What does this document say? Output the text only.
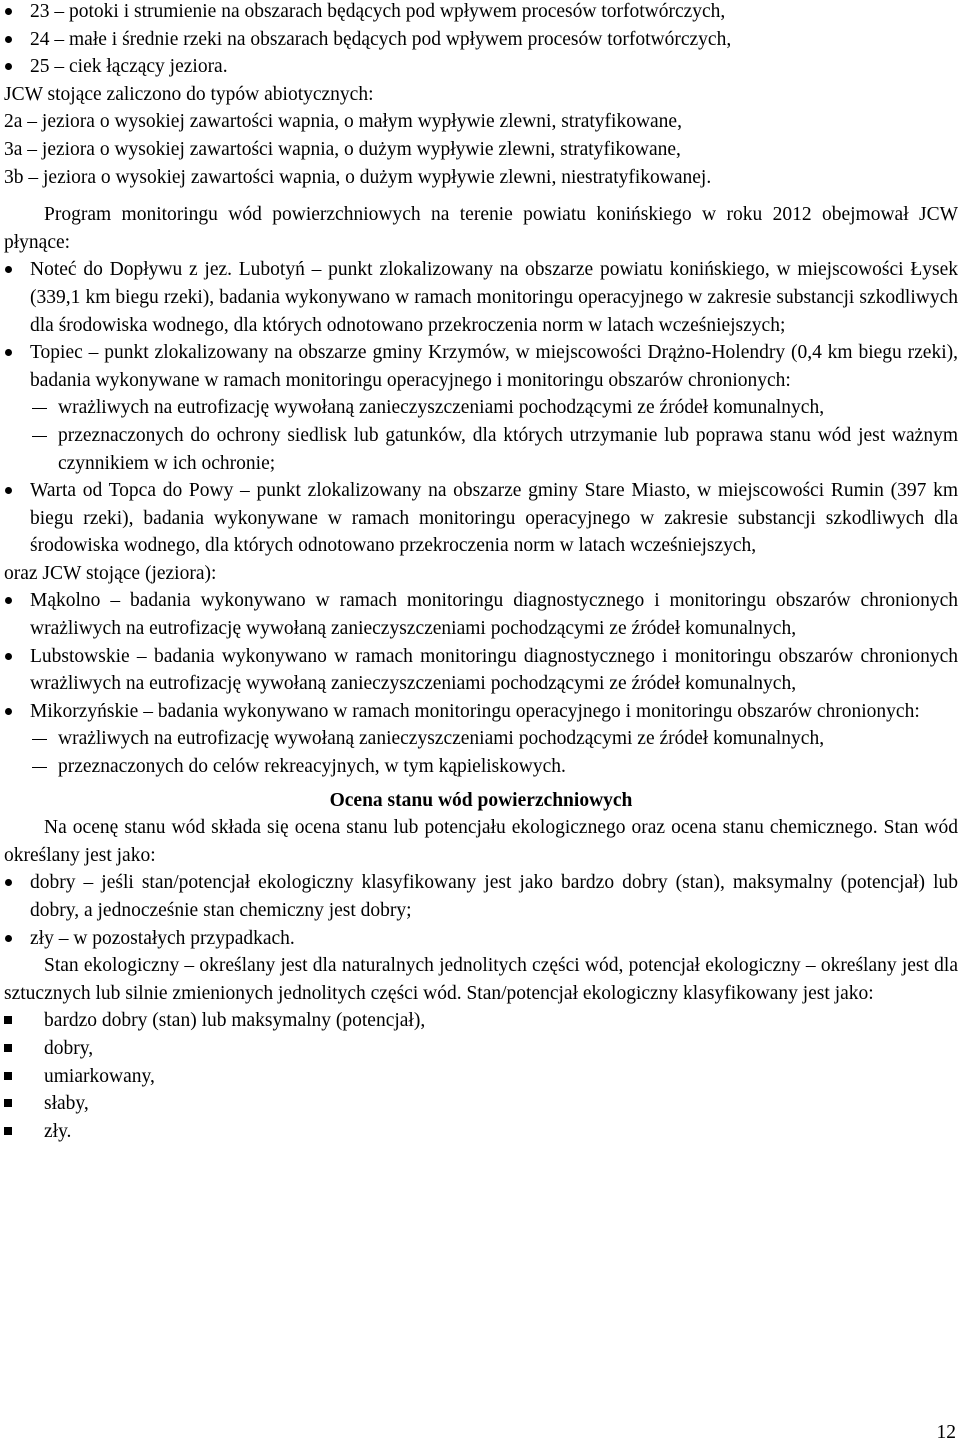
23 – potoki i strumienie na obszarach będących pod wpływem procesów torfotwórczych,
24 – małe i średnie rzeki na obszarach będących pod wpływem procesów torfotwórczych,
25 – ciek łączący jeziora.

JCW stojące zaliczono do typów abiotycznych:

2a – jeziora o wysokiej zawartości wapnia, o małym wypływie zlewni, stratyfikowane,

3a – jeziora o wysokiej zawartości wapnia, o dużym wypływie zlewni, stratyfikowane,

3b – jeziora o wysokiej zawartości wapnia, o dużym wypływie zlewni, niestratyfikowanej.

Program monitoringu wód powierzchniowych na terenie powiatu konińskiego w roku 2012 obejmował JCW płynące:

Noteć do Dopływu z jez. Lubotyń – punkt zlokalizowany na obszarze powiatu konińskiego, w miejscowości Łysek (339,1 km biegu rzeki), badania wykonywano w ramach monitoringu operacyjnego w zakresie substancji szkodliwych dla środowiska wodnego, dla których odnotowano przekroczenia norm w latach wcześniejszych;
Topiec – punkt zlokalizowany na obszarze gminy Krzymów, w miejscowości Drążno-Holendry (0,4 km biegu rzeki), badania wykonywane w ramach monitoringu operacyjnego i monitoringu obszarów chronionych:
wrażliwych na eutrofizację wywołaną zanieczyszczeniami pochodzącymi ze źródeł komunalnych,
przeznaczonych do ochrony siedlisk lub gatunków, dla których utrzymanie lub poprawa stanu wód jest ważnym czynnikiem w ich ochronie;
Warta od Topca do Powy – punkt zlokalizowany na obszarze gminy Stare Miasto, w miejscowości Rumin (397 km biegu rzeki), badania wykonywane w ramach monitoringu operacyjnego w zakresie substancji szkodliwych dla środowiska wodnego, dla których odnotowano przekroczenia norm w latach wcześniejszych,

oraz JCW stojące (jeziora):

Mąkolno – badania wykonywano w ramach monitoringu diagnostycznego i monitoringu obszarów chronionych wrażliwych na eutrofizację wywołaną zanieczyszczeniami pochodzącymi ze źródeł komunalnych,
Lubstowskie – badania wykonywano w ramach monitoringu diagnostycznego i monitoringu obszarów chronionych wrażliwych na eutrofizację wywołaną zanieczyszczeniami pochodzącymi ze źródeł komunalnych,
Mikorzyńskie – badania wykonywano w ramach monitoringu operacyjnego i monitoringu obszarów chronionych:
wrażliwych na eutrofizację wywołaną zanieczyszczeniami pochodzącymi ze źródeł komunalnych,
przeznaczonych do celów rekreacyjnych, w tym kąpieliskowych.

Ocena stanu wód powierzchniowych

Na ocenę stanu wód składa się ocena stanu lub potencjału ekologicznego oraz ocena stanu chemicznego. Stan wód określany jest jako:

dobry – jeśli stan/potencjał ekologiczny klasyfikowany jest jako bardzo dobry (stan), maksymalny (potencjał) lub dobry, a jednocześnie stan chemiczny jest dobry;
zły – w pozostałych przypadkach.

Stan ekologiczny – określany jest dla naturalnych jednolitych części wód, potencjał ekologiczny – określany jest dla sztucznych lub silnie zmienionych jednolitych części wód. Stan/potencjał ekologiczny klasyfikowany jest jako:

bardzo dobry (stan) lub maksymalny (potencjał),
dobry,
umiarkowany,
słaby,
zły.
12
